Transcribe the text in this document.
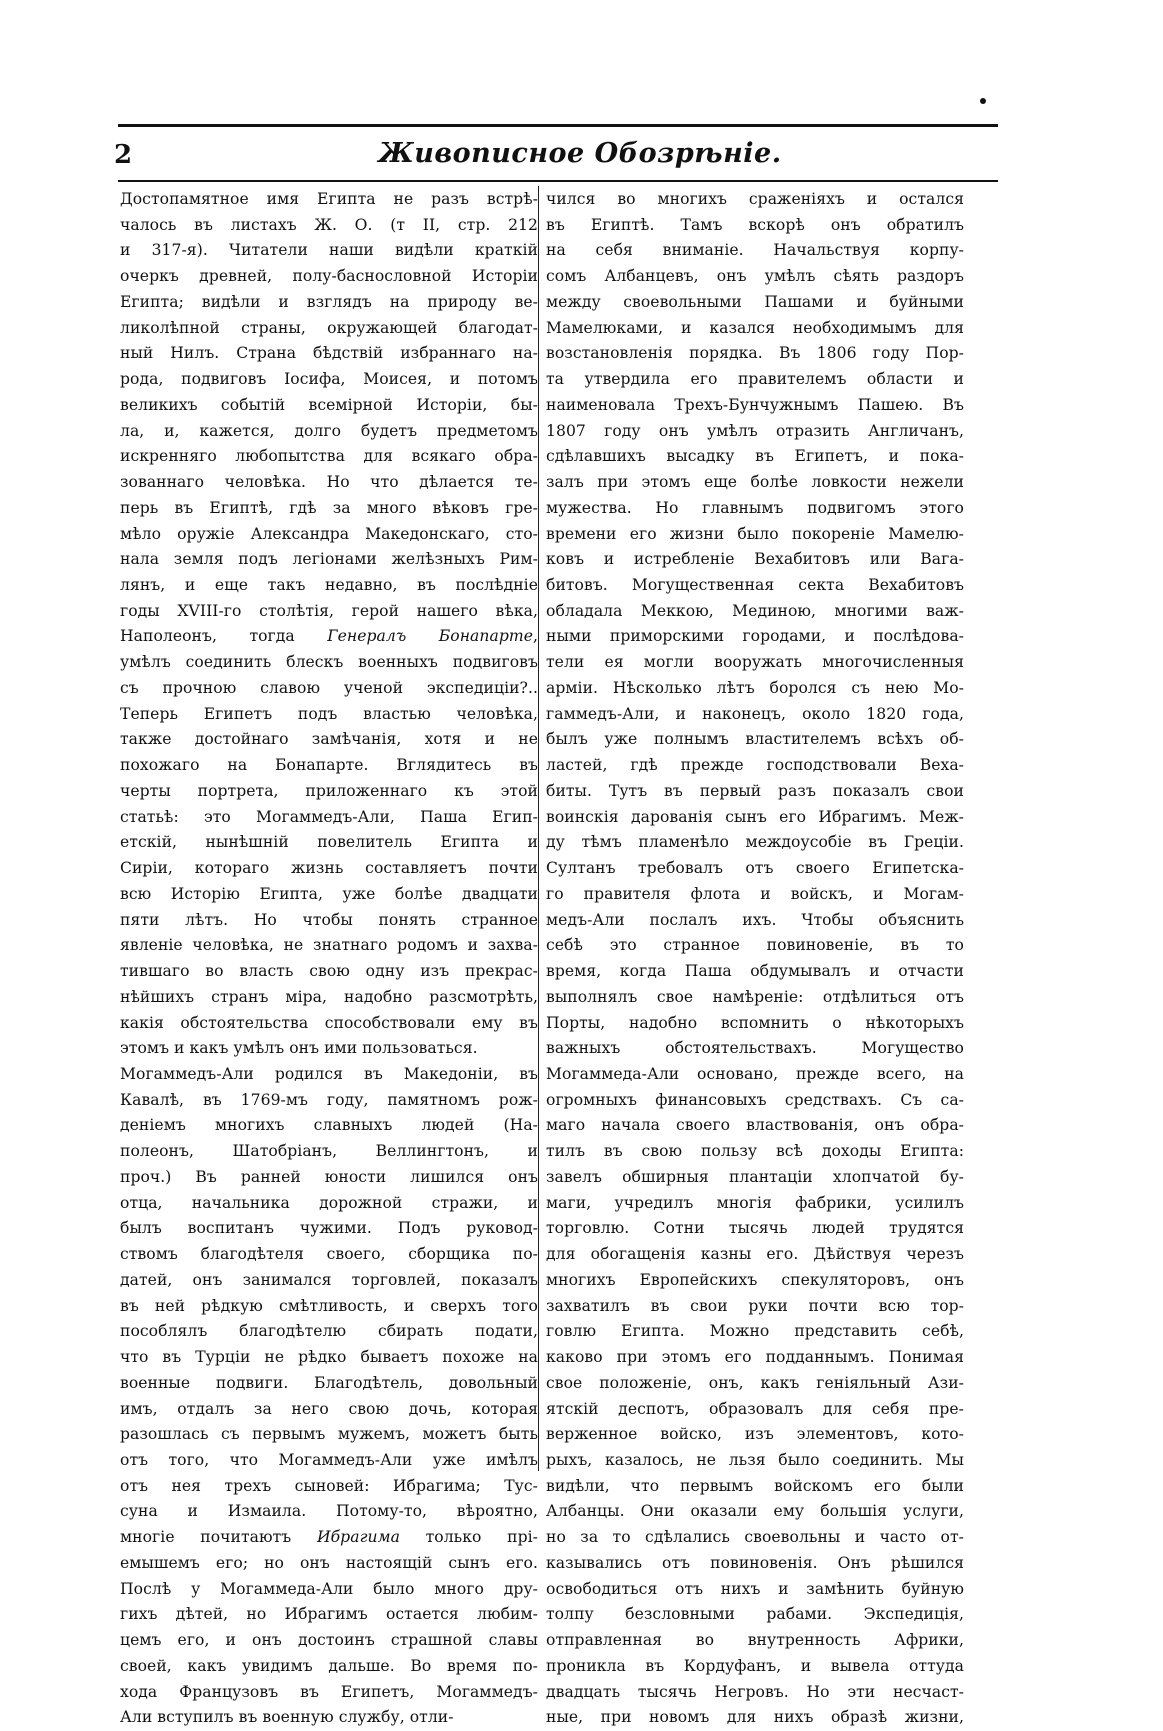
2	Живописное Обозрѣніе.
Достопамятное имя Египта не разъ встрѣ-
чалось въ листахъ Ж. О. (т II, стр. 212
и 317-я). Читатели наши видѣли краткій
очеркъ древней, полу-баснословной Исторіи
Египта; видѣли и взглядъ на природу ве-
ликолѣпной страны, окружающей благодат-
ный Нилъ. Страна бѣдствій избраннаго на-
рода, подвиговъ Іосифа, Моисея, и потомъ
великихъ событій всемірной Исторіи, бы-
ла, и, кажется, долго будетъ предметомъ
искренняго любопытства для всякаго обра-
зованнаго человѣка. Но что дѣлается те-
перь въ Египтѣ, гдѣ за много вѣковъ гре-
мѣло оружіе Александра Македонскаго, сто-
нала земля подъ легіонами желѣзныхъ Рим-
лянъ, и еще такъ недавно, въ послѣдніе
годы XVIII-го столѣтія, герой нашего вѣка,
Наполеонъ, тогда Генералъ Бонапарте,
умѣлъ соединить блескъ военныхъ подвиговъ
съ прочною славою ученой экспедиціи?..
Теперь Египетъ подъ властью человѣка,
также достойнаго замѣчанія, хотя и не
похожаго на Бонапарте. Вглядитесь въ
черты портрета, приложеннаго къ этой
статьѣ: это Могаммедъ-Али, Паша Егип-
етскій, нынѣшній повелитель Египта и
Сиріи, котораго жизнь составляетъ почти
всю Исторію Египта, уже болѣе двадцати
пяти лѣтъ. Но чтобы понять странное
явленіе человѣка, не знатнаго родомъ и захва-
тившаго во власть свою одну изъ прекрас-
нѣйшихъ странъ міра, надобно разсмотрѣть,
какія обстоятельства способствовали ему въ
этомъ и какъ умѣлъ онъ ими пользоваться.
Могаммедъ-Али родился въ Македоніи, въ
Кавалѣ, въ 1769-мъ году, памятномъ рож-
деніемъ многихъ славныхъ людей (На-
полеонъ, Шатобріанъ, Веллингтонъ, и
проч.) Въ ранней юности лишился онъ
отца, начальника дорожной стражи, и
былъ воспитанъ чужими. Подъ руковод-
ствомъ благодѣтеля своего, сборщика по-
датей, онъ занимался торговлей, показалъ
въ ней рѣдкую смѣтливость, и сверхъ того
пособлялъ благодѣтелю сбирать подати,
что въ Турціи не рѣдко бываетъ похоже на
военные подвиги. Благодѣтель, довольный
имъ, отдалъ за него свою дочь, которая
разошлась съ первымъ мужемъ, можетъ быть
отъ того, что Могаммедъ-Али уже имѣлъ
отъ нея трехъ сыновей: Ибрагима; Тус-
суна и Измаила. Потому-то, вѣроятно,
многіе почитаютъ Ибрагима только прі-
емышемъ его; но онъ настоящій сынъ его.
Послѣ у Могаммеда-Али было много дру-
гихъ дѣтей, но Ибрагимъ остается любим-
цемъ его, и онъ достоинъ страшной славы
своей, какъ увидимъ дальше. Во время по-
хода Французовъ въ Египетъ, Могаммедъ-
Али вступилъ въ военную службу, отли-
чился во многихъ сраженіяхъ и остался
въ Египтѣ. Тамъ вскорѣ онъ обратилъ
на себя вниманіе. Начальствуя корпу-
сомъ Албанцевъ, онъ умѣлъ сѣять раздоръ
между своевольными Пашами и буйными
Мамелюками, и казался необходимымъ для
возстановленія порядка. Въ 1806 году Пор-
та утвердила его правителемъ области и
наименовала Трехъ-Бунчужнымъ Пашею. Въ
1807 году онъ умѣлъ отразить Англичанъ,
сдѣлавшихъ высадку въ Египетъ, и пока-
залъ при этомъ еще болѣе ловкости нежели
мужества. Но главнымъ подвигомъ этого
времени его жизни было покореніе Мамелю-
ковъ и истребленіе Вехабитовъ или Вага-
битовъ. Могущественная секта Вехабитовъ
обладала Меккою, Мединою, многими важ-
ными приморскими городами, и послѣдова-
тели ея могли вооружать многочисленныя
арміи. Нѣсколько лѣтъ боролся съ нею Мо-
гаммедъ-Али, и наконецъ, около 1820 года,
былъ уже полнымъ властителемъ всѣхъ об-
ластей, гдѣ прежде господствовали Веха-
биты. Тутъ въ первый разъ показалъ свои
воинскія дарованія сынъ его Ибрагимъ. Меж-
ду тѣмъ пламенѣло междоусобіе въ Греціи.
Султанъ требовалъ отъ своего Египетска-
го правителя флота и войскъ, и Могам-
медъ-Али послалъ ихъ. Чтобы объяснить
себѣ это странное повиновеніе, въ то
время, когда Паша обдумывалъ и отчасти
выполнялъ свое намѣреніе: отдѣлиться отъ
Порты, надобно вспомнить о нѣкоторыхъ
важныхъ обстоятельствахъ. Могущество
Могаммеда-Али основано, прежде всего, на
огромныхъ финансовыхъ средствахъ. Съ са-
маго начала своего властвованія, онъ обра-
тилъ въ свою пользу всѣ доходы Египта:
завелъ обширныя плантаціи хлопчатой бу-
маги, учредилъ многія фабрики, усилилъ
торговлю. Сотни тысячь людей трудятся
для обогащенія казны его. Дѣйствуя черезъ
многихъ Европейскихъ спекуляторовъ, онъ
захватилъ въ свои руки почти всю тор-
говлю Египта. Можно представить себѣ,
каково при этомъ его подданнымъ. Понимая
свое положеніе, онъ, какъ геніяльный Ази-
ятскій деспотъ, образовалъ для себя пре-
верженное войско, изъ элементовъ, кото-
рыхъ, казалось, не льзя было соединить. Мы
видѣли, что первымъ войскомъ его были
Албанцы. Они оказали ему большія услуги,
но за то сдѣлались своевольны и часто от-
казывались отъ повиновенія. Онъ рѣшился
освободиться отъ нихъ и замѣнить буйную
толпу безсловными рабами. Экспедиція,
отправленная во внутренность Африки,
проникла въ Кордуфанъ, и вывела оттуда
двадцать тысячь Негровъ. Но эти несчаст-
ные, при новомъ для нихъ образѣ жизни,
